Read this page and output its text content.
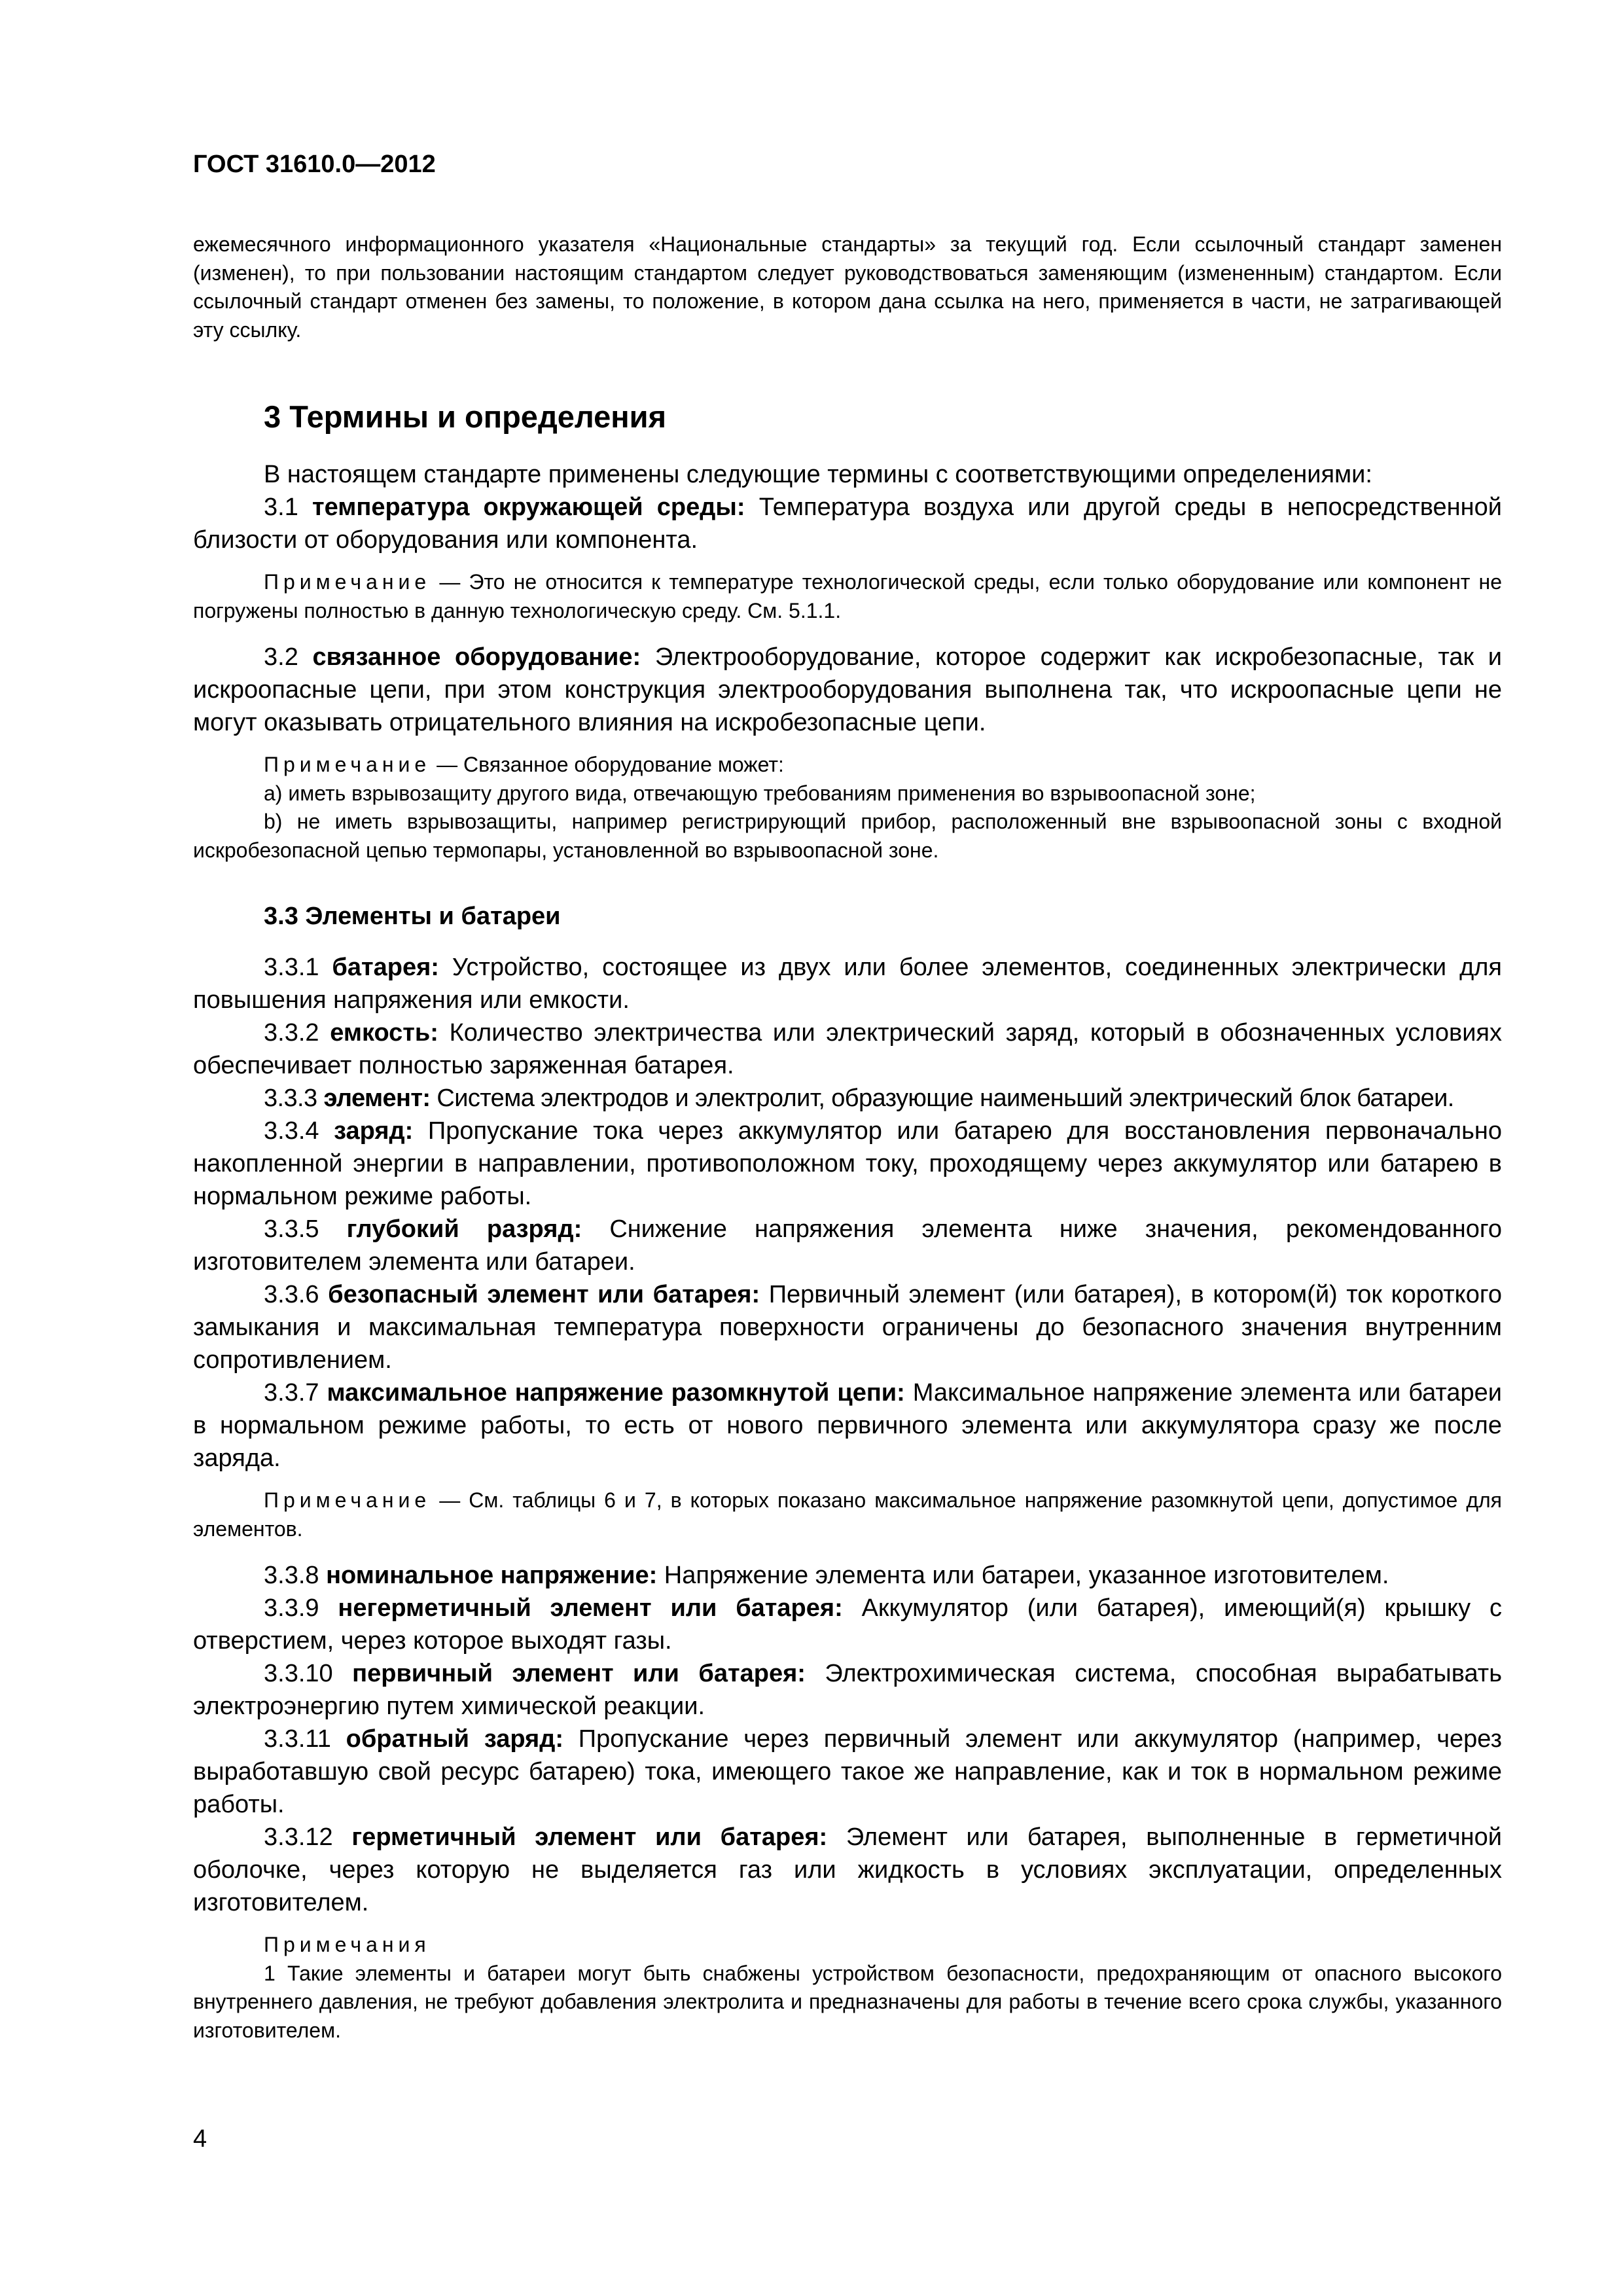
ГОСТ 31610.0—2012

ежемесячного информационного указателя «Национальные стандарты» за текущий год. Если ссылочный стандарт заменен (изменен), то при пользовании настоящим стандартом следует руководствоваться заменяющим (измененным) стандартом. Если ссылочный стандарт отменен без замены, то положение, в котором дана ссылка на него, применяется в части, не затрагивающей эту ссылку.

3 Термины и определения

В настоящем стандарте применены следующие термины с соответствующими определениями:

3.1 температура окружающей среды: Температура воздуха или другой среды в непосредственной близости от оборудования или компонента.

Примечание — Это не относится к температуре технологической среды, если только оборудование или компонент не погружены полностью в данную технологическую среду. См. 5.1.1.

3.2 связанное оборудование: Электрооборудование, которое содержит как искробезопасные, так и искроопасные цепи, при этом конструкция электрооборудования выполнена так, что искроопасные цепи не могут оказывать отрицательного влияния на искробезопасные цепи.

Примечание — Связанное оборудование может:

a) иметь взрывозащиту другого вида, отвечающую требованиям применения во взрывоопасной зоне;

b) не иметь взрывозащиты, например регистрирующий прибор, расположенный вне взрывоопасной зоны с входной искробезопасной цепью термопары, установленной во взрывоопасной зоне.

3.3 Элементы и батареи

3.3.1 батарея: Устройство, состоящее из двух или более элементов, соединенных электрически для повышения напряжения или емкости.

3.3.2 емкость: Количество электричества или электрический заряд, который в обозначенных условиях обеспечивает полностью заряженная батарея.

3.3.3 элемент: Система электродов и электролит, образующие наименьший электрический блок батареи.

3.3.4 заряд: Пропускание тока через аккумулятор или батарею для восстановления первоначально накопленной энергии в направлении, противоположном току, проходящему через аккумулятор или батарею в нормальном режиме работы.

3.3.5 глубокий разряд: Снижение напряжения элемента ниже значения, рекомендованного изготовителем элемента или батареи.

3.3.6 безопасный элемент или батарея: Первичный элемент (или батарея), в котором(й) ток короткого замыкания и максимальная температура поверхности ограничены до безопасного значения внутренним сопротивлением.

3.3.7 максимальное напряжение разомкнутой цепи: Максимальное напряжение элемента или батареи в нормальном режиме работы, то есть от нового первичного элемента или аккумулятора сразу же после заряда.

Примечание — См. таблицы 6 и 7, в которых показано максимальное напряжение разомкнутой цепи, допустимое для элементов.

3.3.8 номинальное напряжение: Напряжение элемента или батареи, указанное изготовителем.

3.3.9 негерметичный элемент или батарея: Аккумулятор (или батарея), имеющий(я) крышку с отверстием, через которое выходят газы.

3.3.10 первичный элемент или батарея: Электрохимическая система, способная вырабатывать электроэнергию путем химической реакции.

3.3.11 обратный заряд: Пропускание через первичный элемент или аккумулятор (например, через выработавшую свой ресурс батарею) тока, имеющего такое же направление, как и ток в нормальном режиме работы.

3.3.12 герметичный элемент или батарея: Элемент или батарея, выполненные в герметичной оболочке, через которую не выделяется газ или жидкость в условиях эксплуатации, определенных изготовителем.

Примечания

1 Такие элементы и батареи могут быть снабжены устройством безопасности, предохраняющим от опасного высокого внутреннего давления, не требуют добавления электролита и предназначены для работы в течение всего срока службы, указанного изготовителем.

4
